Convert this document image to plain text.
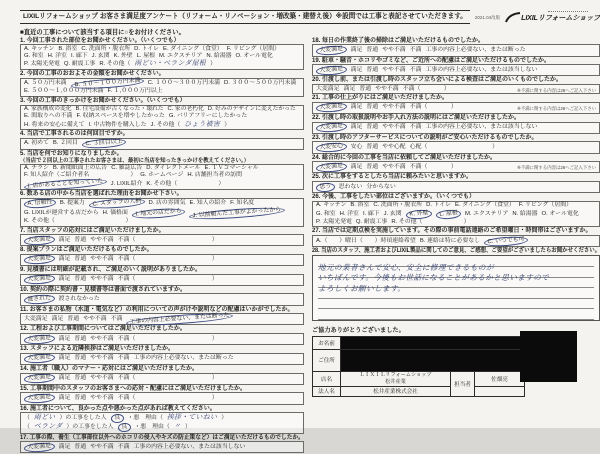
LIXILリフォームショップ お客さま満足度アンケート（リフォーム・リノベーション・増改築・建替え後）※設問では工事と表記させていただきます。	2021.04改版	LIXILリフォームショップ
■直近の工事について該当する項目に○をお付けください。
1. 今回工事された部位をお聞かせください。（いくつでも）
A. キッチン B. 浴室 C. 洗面所・脱衣所 D. トイレ E. ダイニング（食堂） F. リビング（居間）
G. 和室 H. 洋室 I. 廊下 J. 玄関 K. 外壁 L. 屋根 M. エクステリア N. 給湯器 O. オール電化
P. 太陽光発電 Q. 耐震工事 R. その他（ 雨どい・ベランダ屋根 ）
2. 今回の工事のおおよその金額をお聞かせください。
A. ５０万円未満 B. ５０～１００万円未満 C. １００～３００万円未満 D. ３００～５００万円未満
E. ５００～１,０００万円未満 F. １,０００万円以上
3. 今回の工事のきっかけをお聞かせください。（いくつでも）
A. 家族構成の変化 B. 住宅設備が古くなった・壊れた C. 家の老朽化 D. 好みのデザインに変えたかった
E. 間取りへの不満 F. 収納スペースを増やしたかった G. バリアフリーにしたかった
H. 将来の安心に備えて I. 中古物件を購入した J. その他（ ひょう被害 ）
4. 当店で工事されるのは何回目ですか。
A. 初めて B. ２回目 C. ３回目以上
5. 当店を何でお知りになりましたか。
（当店で２回以上の工事されたお客さまは、最初に当店を知ったきっかけを教えてください。）
A. チラシ B. 新聞紙面上の広告 C. 雑誌広告 D. ダイレクトメール E. ＴＶコマーシャル
F. 知人紹介（ご紹介者名　　　　　　　） G. ホームページ H. 店舗担当者の訪問
I. 店があることを知っていた J. LIXIL紹介 K. その他（　　　　　　　）
6. 数ある店の中から当店を選ばれた理由をお聞かせ下さい。
A. 信頼性 B. 提案力 C. スタッフの人柄 D. 店の雰囲気 E. 知人の紹介 F. 知名度
G. LIXILが運営する店だから H. 価格面 I. 地元の店だから J. 以前頼んだ工事がよかったから
K. その他（　　　　　　　　　　　　）
7. 当店スタッフの応対にはご満足いただけましたか。
大変満足 満足 普通 やや不満 不満（　　　　　　　　　　　　　）
8. 提案プランはご満足いただけるものでしたか。
大変満足 満足 普通 やや不満 不満（　　　　　　　　　　　　　）
9. 見積書には明細が記載され、ご満足のいく説明がありましたか。
大変満足 満足 普通 やや不満 不満（　　　　　　　　　　　　　）
10. 契約の際に契約書・見積書等は書面で渡されていますか。
渡された 渡されなかった
11. お客さまの私物（水道・電気など）の利用についての声がけや説明などの配慮はいかがでしたか。
大変満足 満足 普通 やや不満 不満 工事の内容上必要ない、または断った
12. 工程および工事期間についてはご満足いただけましたか。
大変満足 満足 普通 やや不満 不満（　　　　　　　　　　　　　）
13. スタッフによる近隣挨拶はご満足いただけましたか。
大変満足 満足 普通 やや不満 不満 工事の内容上必要ない、または断った
14. 施工者（職人）のマナー・応対にはご満足いただけましたか。
大変満足 満足 普通 やや不満 不満（　　　　　　　　　　　　　）
15. 工事期間中のスタッフのお客さまへの応対・配慮にはご満足いただけましたか。
大変満足 満足 普通 やや不満 不満（　　　　　　　　　　　　　）
16. 施工者について、良かった点や悪かった点があれば教えてください。
（ 雨どい ）の工事をした人 良 ・悪　理由（ 挨拶・ていねい ）
（ ベランダ ）の工事をした人 良 ・悪　理由（ 〃 ）
17. 工事の際、養生（工事部位以外へのホコリの侵入やキズの防止策など）はご満足いただけるものでしたか。
大変満足 満足 普通 やや不満 不満 工事の内容上必要ない、または該当しない
18. 毎日の作業終了後の掃除はご満足いただけるものでしたか。
大変満足 満足 普通 やや不満 不満 工事の内容上必要ない、または断った
19. 駐車・騒音・ホコリやゴミなど、ご近所への配慮はご満足いただけるものでしたか。
大変満足 満足 普通 やや不満 不満 工事の内容上必要ない、または該当しない
20. 引渡し前、または引渡し時のスタッフ立ち会いによる検査はご満足のいくものでしたか。
大変満足 満足 普通 やや不満 不満（　　　　）	※不満に関する内容は28へご記入下さい
21. 工事の仕上がりにはご満足いただけましたか。
大変満足 満足 普通 やや不満 不満（　　　　）	※不満に関する内容は28へご記入下さい
22. 引渡し時の取扱説明やお手入れ方法の説明にはご満足いただけましたか。
大変満足 満足 普通 やや不満 不満 工事の内容上必要ない、または該当しない
23. 引渡し時のアフターサービスについての説明がご安心いただけるものでしたか。
大変安心 安心 普通 やや心配 心配（　　　　　　　　　　　）
24. 総合的に今回の工事を当店に依頼してご満足いただけましたか。
大変満足 満足 普通 やや不満 不満（　　　　）	※不満に関する内容は28へご記入下さい
25. 次に工事をするとしたら当店に頼みたいと思いますか。
思う 思わない 分からない
26. 今後、工事をしたい部位はございますか。（いくつでも）
A. キッチン B. 浴室 C. 洗面所・脱衣所 D. トイレ E. ダイニング（食堂） F. リビング（居間）
G. 和室 H. 洋室 I. 廊下 J. 玄関 K. 外壁 L. 屋根 M. エクステリア N. 給湯器 O. オール電化
P. 太陽光発電 Q. 耐震工事 R. その他（　　　　　　　）
27. 当店では定期点検を実施しています。その際の事前電話連絡のご希望曜日・時間帯はございますか。
A.（　　）曜日（　　）時頃連絡希望 B. 連絡は特に必要なし C. いつでも可
28. 当店のスタッフ、施工者およびLIXIL製品に関してのご意見、ご感想、ご要望がございましたらお聞かせください。
地元の業者さんで安心、安全に修理できるものが
いちばんです。今後もお世話になることがあるかと思いますので
よろしくお願いします。
ご協力ありがとうございました。
お名前			
ご住所			
店名	ＬＩＸＩＬリフォームショップ
松井産業	担当者	佐畑亮
法人名	松井産業株式会社		
